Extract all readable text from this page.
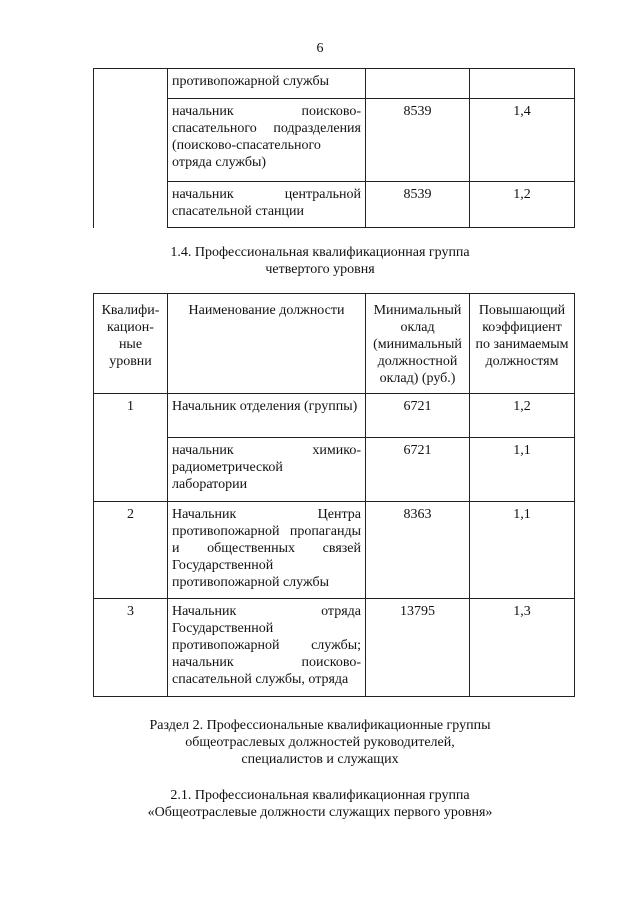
6
	противопожарной службы		
	начальник поисково-спасательного подразделения (поисково-спасательного отряда службы)	8539	1,4
	начальник центральной спасательной станции	8539	1,2
1.4. Профессиональная квалификационная группа
четвертого уровня
Квалифи-кацион-ные уровни	Наименование должности	Минимальный оклад (минимальный должностной оклад) (руб.)	Повышающий коэффициент по занимаемым должностям
1	Начальник отделения (группы)	6721	1,2
	начальник химико-радиометрической лаборатории	6721	1,1
2	Начальник Центра противопожарной пропаганды и общественных связей Государственной противопожарной службы	8363	1,1
3	Начальник отряда Государственной противопожарной службы; начальник поисково-спасательной службы, отряда	13795	1,3
Раздел 2. Профессиональные квалификационные группы
общеотраслевых должностей руководителей,
специалистов и служащих
2.1. Профессиональная квалификационная группа
«Общеотраслевые должности служащих первого уровня»
